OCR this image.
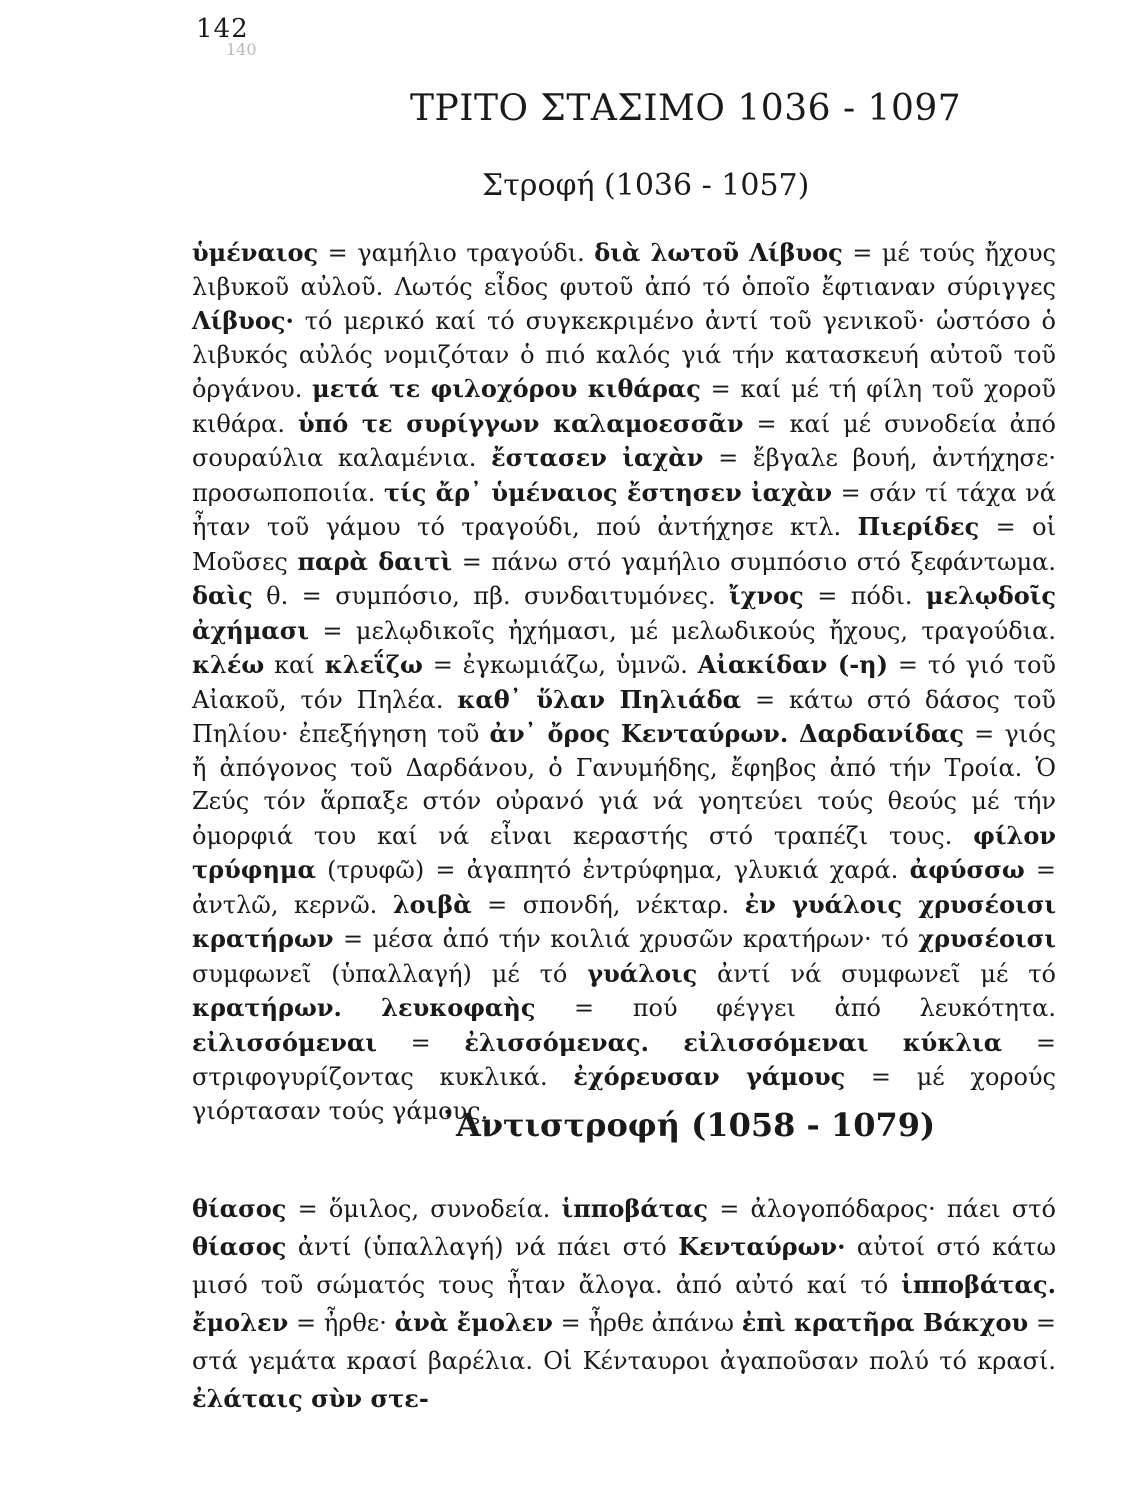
142
140
ΤΡΙΤΟ ΣΤΑΣΙΜΟ 1036 - 1097
Στροφή (1036 - 1057)
ὑμέναιος = γαμήλιο τραγούδι. διὰ λωτοῦ Λίβυος = μέ τούς ἤχους λιβυκοῦ αὐλοῦ. Λωτός εἶδος φυτοῦ ἀπό τό ὁποῖο ἔφτιαναν σύριγγες Λίβυος· τό μερικό καί τό συγκεκριμένο ἀντί τοῦ γενικοῦ· ὡστόσο ὁ λιβυκός αὐλός νομιζόταν ὁ πιό καλός γιά τήν κατασκευή αὐτοῦ τοῦ ὀργάνου. μετά τε φιλοχόρου κιθάρας = καί μέ τή φίλη τοῦ χοροῦ κιθάρα. ὑπό τε συρίγγων καλαμοεσσᾶν = καί μέ συνοδεία ἀπό σουραύλια καλαμένια. ἔστασεν ἰαχὰν = ἔβγαλε βουή, ἀντήχησε· προσωποποιία. τίς ἄρ᾽ ὑμέναιος ἔστησεν ἰαχὰν = σάν τί τάχα νά ἦταν τοῦ γάμου τό τραγούδι, πού ἀντήχησε κτλ. Πιερίδες = οἱ Μοῦσες παρὰ δαιτὶ = πάνω στό γαμήλιο συμπόσιο στό ξεφάντωμα. δαὶς θ. = συμπόσιο, πβ. συνδαιτυμόνες. ἴχνος = πόδι. μελῳδοῖς ἀχήμασι = μελῳδικοῖς ἠχήμασι, μέ μελωδικούς ἤχους, τραγούδια. κλέω καί κλεΐζω = ἐγκωμιάζω, ὑμνῶ. Αἰακίδαν (-η) = τό γιό τοῦ Αἰακοῦ, τόν Πηλέα. καθ᾽ ὕλαν Πηλιάδα = κάτω στό δάσος τοῦ Πηλίου· ἐπεξήγηση τοῦ ἀν᾽ ὄρος Κενταύρων. Δαρδανίδας = γιός ἤ ἀπόγονος τοῦ Δαρδάνου, ὁ Γανυμήδης, ἔφηβος ἀπό τήν Τροία. Ὁ Ζεύς τόν ἅρπαξε στόν οὐρανό γιά νά γοητεύει τούς θεούς μέ τήν ὀμορφιά του καί νά εἶναι κεραστής στό τραπέζι τους. φίλον τρύφημα (τρυφῶ) = ἀγαπητό ἐντρύφημα, γλυκιά χαρά. ἀφύσσω = ἀντλῶ, κερνῶ. λοιβὰ = σπονδή, νέκταρ. ἐν γυάλοις χρυσέοισι κρατήρων = μέσα ἀπό τήν κοιλιά χρυσῶν κρατήρων· τό χρυσέοισι συμφωνεῖ (ὑπαλλαγή) μέ τό γυάλοις ἀντί νά συμφωνεῖ μέ τό κρατήρων. λευκοφαὴς = πού φέγγει ἀπό λευκότητα. εἰλισσόμεναι = ἐλισσόμενας. εἰλισσόμεναι κύκλια = στριφογυρίζοντας κυκλικά. ἐχόρευσαν γάμους = μέ χορούς γιόρτασαν τούς γάμους.
᾽Αντιστροφή (1058 - 1079)
θίασος = ὅμιλος, συνοδεία. ἱπποβάτας = ἀλογοπόδαρος· πάει στό θίασος ἀντί (ὑπαλλαγή) νά πάει στό Κενταύρων· αὐτοί στό κάτω μισό τοῦ σώματός τους ἦταν ἄλογα. ἀπό αὐτό καί τό ἱπποβάτας. ἔμολεν = ἦρθε· ἀνὰ ἔμολεν = ἦρθε ἀπάνω ἐπὶ κρατῆρα Βάκχου = στά γεμάτα κρασί βαρέλια. Οἱ Κένταυροι ἀγαποῦσαν πολύ τό κρασί. ἐλάταις σὺν στε-
